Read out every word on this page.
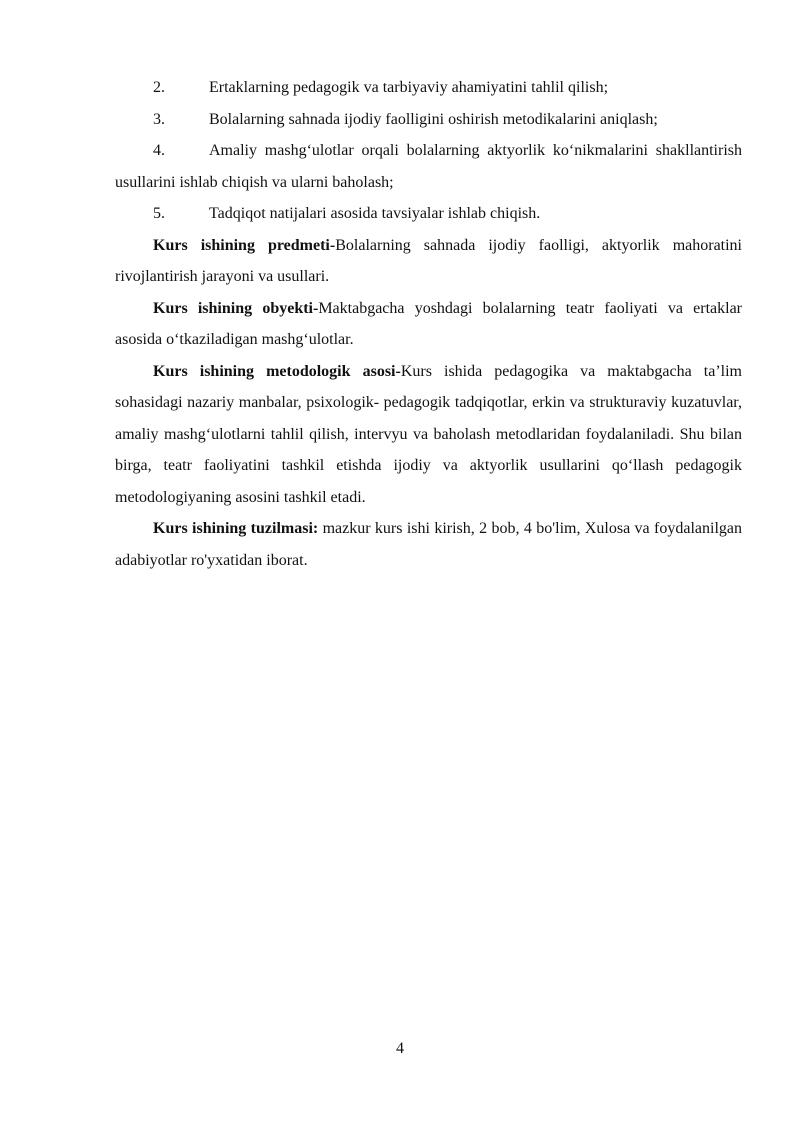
2.	Ertaklarning pedagogik va tarbiyaviy ahamiyatini tahlil qilish;

3.	Bolalarning sahnada ijodiy faolligini oshirish metodikalarini aniqlash;

4.	Amaliy mashg‘ulotlar orqali bolalarning aktyorlik ko‘nikmalarini shakllantirish usullarini ishlab chiqish va ularni baholash;

5.	Tadqiqot natijalari asosida tavsiyalar ishlab chiqish.

Kurs ishining predmeti-Bolalarning sahnada ijodiy faolligi, aktyorlik mahoratini rivojlantirish jarayoni va usullari.

Kurs ishining obyekti-Maktabgacha yoshdagi bolalarning teatr faoliyati va ertaklar asosida o‘tkaziladigan mashg‘ulotlar.

Kurs ishining metodologik asosi-Kurs ishida pedagogika va maktabgacha ta’lim sohasidagi nazariy manbalar, psixologik- pedagogik tadqiqotlar, erkin va strukturaviy kuzatuvlar, amaliy mashg‘ulotlarni tahlil qilish, intervyu va baholash metodlaridan foydalaniladi. Shu bilan birga, teatr faoliyatini tashkil etishda ijodiy va aktyorlik usullarini qo‘llash pedagogik metodologiyaning asosini tashkil etadi.

Kurs ishining tuzilmasi: mazkur kurs ishi kirish, 2 bob, 4 bo'lim, Xulosa va foydalanilgan adabiyotlar ro'yxatidan iborat.

4
